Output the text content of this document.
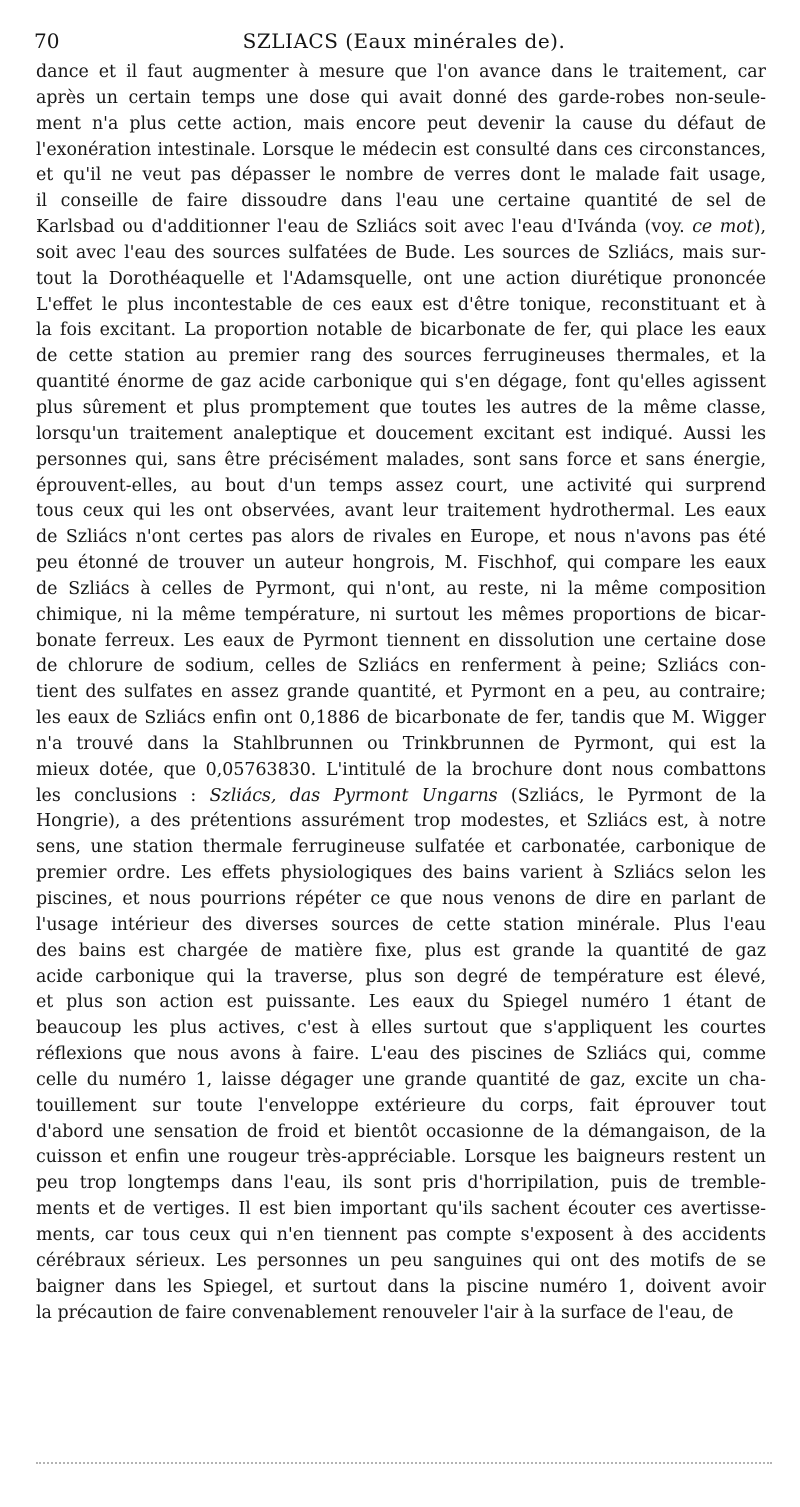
70	SZLIACS (Eaux minérales de).
dance et il faut augmenter à mesure que l'on avance dans le traitement, car
après un certain temps une dose qui avait donné des garde-robes non-seule-
ment n'a plus cette action, mais encore peut devenir la cause du défaut de
l'exonération intestinale. Lorsque le médecin est consulté dans ces circonstances,
et qu'il ne veut pas dépasser le nombre de verres dont le malade fait usage,
il conseille de faire dissoudre dans l'eau une certaine quantité de sel de
Karlsbad ou d'additionner l'eau de Szliács soit avec l'eau d'Ivánda (voy. ce mot),
soit avec l'eau des sources sulfatées de Bude. Les sources de Szliács, mais sur-
tout la Dorothéaquelle et l'Adamsquelle, ont une action diurétique prononcée
L'effet le plus incontestable de ces eaux est d'être tonique, reconstituant et à
la fois excitant. La proportion notable de bicarbonate de fer, qui place les eaux
de cette station au premier rang des sources ferrugineuses thermales, et la
quantité énorme de gaz acide carbonique qui s'en dégage, font qu'elles agissent
plus sûrement et plus promptement que toutes les autres de la même classe,
lorsqu'un traitement analeptique et doucement excitant est indiqué. Aussi les
personnes qui, sans être précisément malades, sont sans force et sans énergie,
éprouvent-elles, au bout d'un temps assez court, une activité qui surprend
tous ceux qui les ont observées, avant leur traitement hydrothermal. Les eaux
de Szliács n'ont certes pas alors de rivales en Europe, et nous n'avons pas été
peu étonné de trouver un auteur hongrois, M. Fischhof, qui compare les eaux
de Szliács à celles de Pyrmont, qui n'ont, au reste, ni la même composition
chimique, ni la même température, ni surtout les mêmes proportions de bicar-
bonate ferreux. Les eaux de Pyrmont tiennent en dissolution une certaine dose
de chlorure de sodium, celles de Szliács en renferment à peine; Szliács con-
tient des sulfates en assez grande quantité, et Pyrmont en a peu, au contraire;
les eaux de Szliács enfin ont 0,1886 de bicarbonate de fer, tandis que M. Wigger
n'a trouvé dans la Stahlbrunnen ou Trinkbrunnen de Pyrmont, qui est la
mieux dotée, que 0,05763830. L'intitulé de la brochure dont nous combattons
les conclusions : Szliács, das Pyrmont Ungarns (Szliács, le Pyrmont de la
Hongrie), a des prétentions assurément trop modestes, et Szliács est, à notre
sens, une station thermale ferrugineuse sulfatée et carbonatée, carbonique de
premier ordre. Les effets physiologiques des bains varient à Szliács selon les
piscines, et nous pourrions répéter ce que nous venons de dire en parlant de
l'usage intérieur des diverses sources de cette station minérale. Plus l'eau
des bains est chargée de matière fixe, plus est grande la quantité de gaz
acide carbonique qui la traverse, plus son degré de température est élevé,
et plus son action est puissante. Les eaux du Spiegel numéro 1 étant de
beaucoup les plus actives, c'est à elles surtout que s'appliquent les courtes
réflexions que nous avons à faire. L'eau des piscines de Szliács qui, comme
celle du numéro 1, laisse dégager une grande quantité de gaz, excite un cha-
touillement sur toute l'enveloppe extérieure du corps, fait éprouver tout
d'abord une sensation de froid et bientôt occasionne de la démangaison, de la
cuisson et enfin une rougeur très-appréciable. Lorsque les baigneurs restent un
peu trop longtemps dans l'eau, ils sont pris d'horripilation, puis de tremble-
ments et de vertiges. Il est bien important qu'ils sachent écouter ces avertisse-
ments, car tous ceux qui n'en tiennent pas compte s'exposent à des accidents
cérébraux sérieux. Les personnes un peu sanguines qui ont des motifs de se
baigner dans les Spiegel, et surtout dans la piscine numéro 1, doivent avoir
la précaution de faire convenablement renouveler l'air à la surface de l'eau, de
